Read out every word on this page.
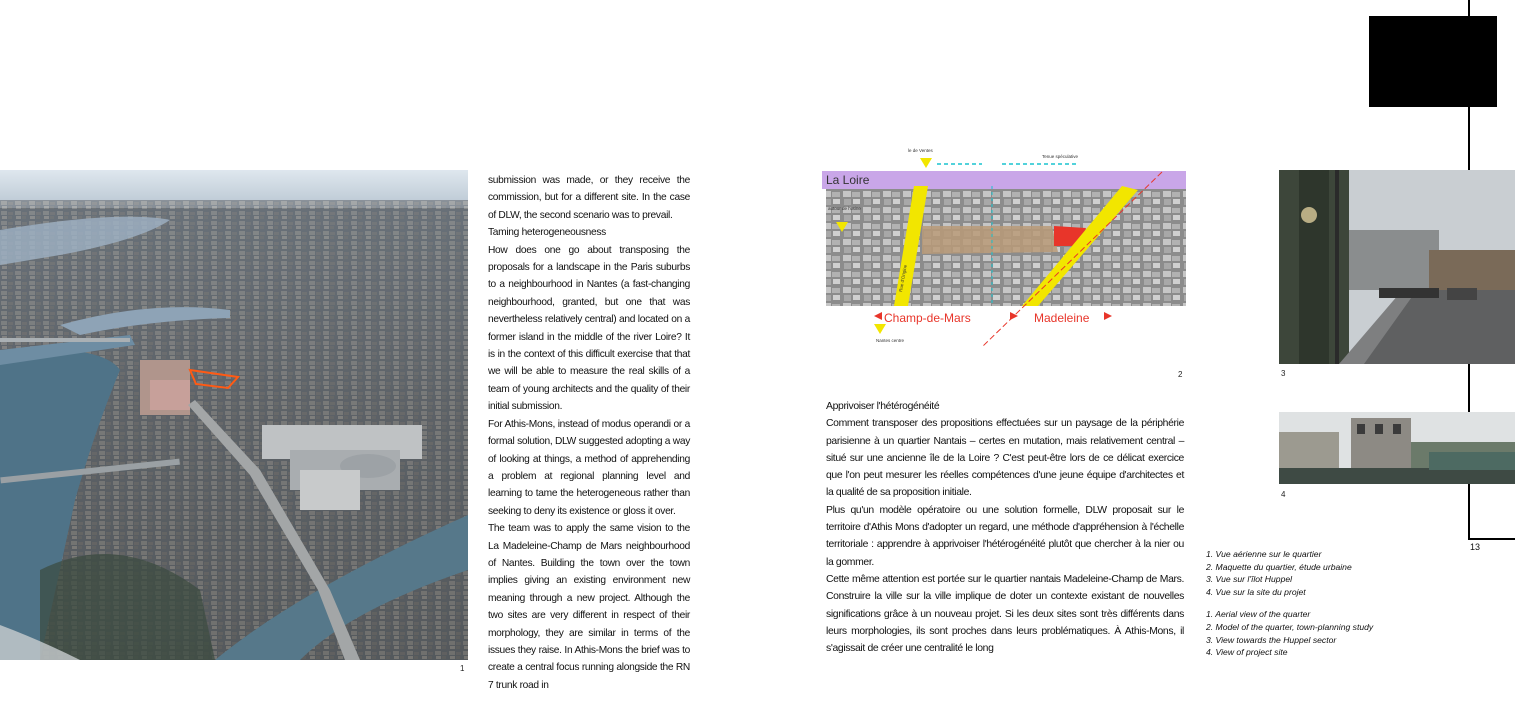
1

submission was made, or they receive the commission, but for a different site. In the case of DLW, the second scenario was to prevail.

Taming heterogeneousness

How does one go about transposing the proposals for a landscape in the Paris suburbs to a neighbourhood in Nantes (a fast-changing neighbourhood, granted, but one that was nevertheless relatively central) and located on a former island in the middle of the river Loire? It is in the context of this difficult exercise that that we will be able to measure the real skills of a team of young architects and the quality of their initial submission.

For Athis-Mons, instead of modus operandi or a formal solution, DLW suggested adopting a way of looking at things, a method of apprehending a problem at regional planning level and learning to tame the heterogeneous rather than seeking to deny its existence or gloss it over.

The team was to apply the same vision to the La Madeleine-Champ de Mars neighbourhood of Nantes. Building the town over the town implies giving an existing environment new meaning through a new project. Although the two sites are very different in respect of their morphology, they are similar in terms of the issues they raise. In Athis-Mons the brief was to create a central focus running alongside the RN 7 trunk road in

La Loire
le de Ventes
Tenue spéculative
autour de l'usine
Nantes centre
Rue d'Origine
Champ-de-Mars	Madeleine
2

Apprivoiser l'hétérogénéité

Comment transposer des propositions effectuées sur un paysage de la périphérie parisienne à un quartier Nantais – certes en mutation, mais relativement central – situé sur une ancienne île de la Loire ? C'est peut-être lors de ce délicat exercice que l'on peut mesurer les réelles compétences d'une jeune équipe d'architectes et la qualité de sa proposition initiale.

Plus qu'un modèle opératoire ou une solution formelle, DLW proposait sur le territoire d'Athis Mons d'adopter un regard, une méthode d'appréhension à l'échelle territoriale : apprendre à apprivoiser l'hétérogénéité plutôt que chercher à la nier ou la gommer.

Cette même attention est portée sur le quartier nantais Madeleine-Champ de Mars. Construire la ville sur la ville implique de doter un contexte existant de nouvelles significations grâce à un nouveau projet. Si les deux sites sont très différents dans leurs morphologies, ils sont proches dans leurs problématiques. À Athis-Mons, il s'agissait de créer une centralité le long

13
3
4
1. Vue aérienne sur le quartier
2. Maquette du quartier, étude urbaine
3. Vue sur l'îlot Huppel
4. Vue sur la site du projet
1. Aerial view of the quarter
2. Model of the quarter, town-planning study
3. View towards the Huppel sector
4. View of project site
